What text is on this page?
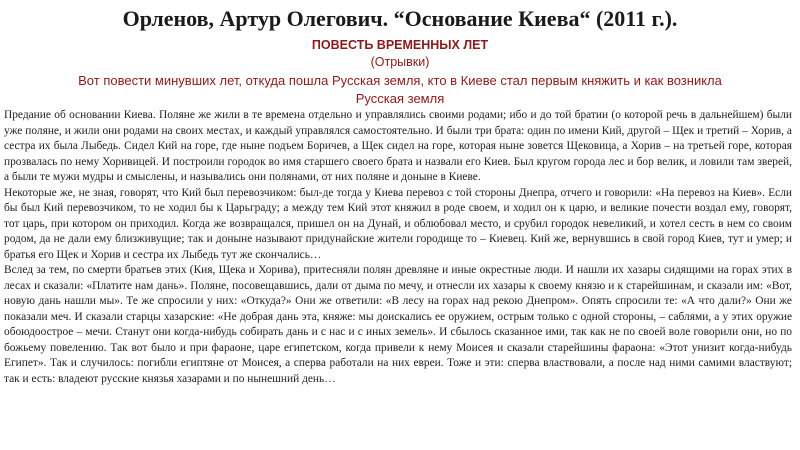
Орленов, Артур Олегович. “Основание Киева“ (2011 г.).
ПОВЕСТЬ ВРЕМЕННЫХ ЛЕТ
(Отрывки)
Вот повести минувших лет, откуда пошла Русская земля, кто в Киеве стал первым княжить и как возникла
Русская земля

Предание об основании Киева. Поляне же жили в те времена отдельно и управлялись своими родами; ибо и до той братии (о которой речь в дальнейшем) были уже поляне, и жили они родами на своих местах, и каждый управлялся самостоятельно. И были три брата: один по имени Кий, другой – Щек и третий – Хорив, а сестра их была Лыбедь. Сидел Кий на горе, где ныне подъем Боричев, а Щек сидел на горе, которая ныне зовется Щековица, а Хорив – на третьей горе, которая прозвалась по нему Хоривицей. И построили городок во имя старшего своего брата и назвали его Киев. Был кругом города лес и бор велик, и ловили там зверей, а были те мужи мудры и смыслены, и назывались они полянами, от них поляне и доныне в Киеве.

Некоторые же, не зная, говорят, что Кий был перевозчиком: был-де тогда у Киева перевоз с той стороны Днепра, отчего и говорили: «На перевоз на Киев». Если бы был Кий перевозчиком, то не ходил бы к Царьграду; а между тем Кий этот княжил в роде своем, и ходил он к царю, и великие почести воздал ему, говорят, тот царь, при котором он приходил. Когда же возвращался, пришел он на Дунай, и облюбовал место, и срубил городок невеликий, и хотел сесть в нем со своим родом, да не дали ему близживущие; так и доныне называют придунайские жители городище то – Киевец. Кий же, вернувшись в свой город Киев, тут и умер; и братья его Щек и Хорив и сестра их Лыбедь тут же скончались…

Вслед за тем, по смерти братьев этих (Кия, Щека и Хорива), притесняли полян древляне и иные окрестные люди. И нашли их хазары сидящими на горах этих в лесах и сказали: «Платите нам дань». Поляне, посовещавшись, дали от дыма по мечу, и отнесли их хазары к своему князю и к старейшинам, и сказали им: «Вот, новую дань нашли мы». Те же спросили у них: «Откуда?» Они же ответили: «В лесу на горах над рекою Днепром». Опять спросили те: «А что дали?» Они же показали меч. И сказали старцы хазарские: «Не добрая дань эта, княже: мы доискались ее оружием, острым только с одной стороны, – саблями, а у этих оружие обоюдоострое – мечи. Станут они когда-нибудь собирать дань и с нас и с иных земель». И сбылось сказанное ими, так как не по своей воле говорили они, но по божьему повелению. Так вот было и при фараоне, царе египетском, когда привели к нему Моисея и сказали старейшины фараона: «Этот унизит когда-нибудь Египет». Так и случилось: погибли египтяне от Моисея, а сперва работали на них евреи. Тоже и эти: сперва властвовали, а после над ними самими властвуют; так и есть: владеют русские князья хазарами и по нынешний день…
